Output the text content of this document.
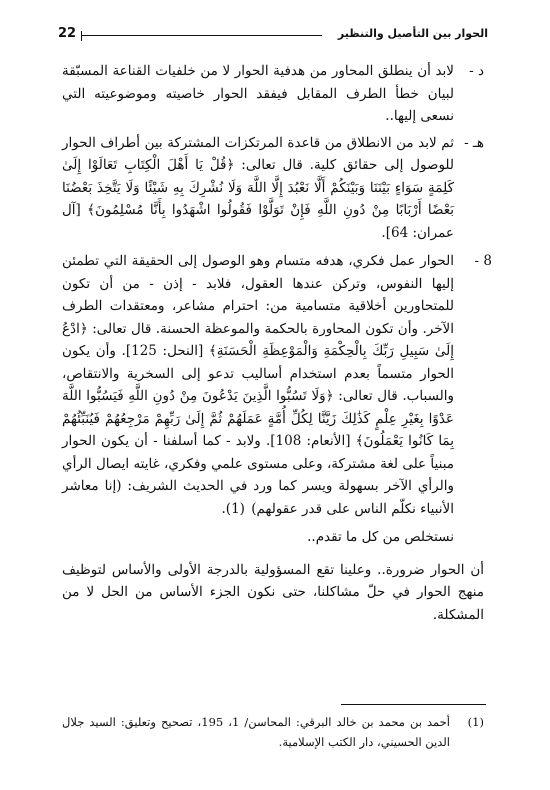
22	الحوار بين التأصيل والتنظير

د -
لابد أن ينطلق المحاور من هدفية الحوار لا من خلفيات القناعة المسبّقة لبيان خطأ الطرف المقابل فيفقد الحوار خاصيته وموضوعيته التي نسعى إليها..

هـ -
ثم لابد من الانطلاق من قاعدة المرتكزات المشتركة بين أطراف الحوار للوصول إلى حقائق كلية. قال تعالى: ﴿قُلْ يَا أَهْلَ الْكِتَابِ تَعَالَوْا إِلَىٰ كَلِمَةٍ سَوَاءٍ بَيْنَنَا وَبَيْنَكُمْ أَلَّا نَعْبُدَ إِلَّا اللَّهَ وَلَا نُشْرِكَ بِهِ شَيْئًا وَلَا يَتَّخِذَ بَعْضُنَا بَعْضًا أَرْبَابًا مِنْ دُونِ اللَّهِ فَإِنْ تَوَلَّوْا فَقُولُوا اشْهَدُوا بِأَنَّا مُسْلِمُونَ﴾ [آل عمران: 64].

8 -
الحوار عمل فكري، هدفه متسام وهو الوصول إلى الحقيقة التي تطمئن إليها النفوس، وتركن عندها العقول، فلابد - إذن - من أن تكون للمتحاورين أخلاقية متسامية من: احترام مشاعر، ومعتقدات الطرف الآخر. وأن تكون المحاورة بالحكمة والموعظة الحسنة. قال تعالى: ﴿ادْعُ إِلَىٰ سَبِيلِ رَبِّكَ بِالْحِكْمَةِ وَالْمَوْعِظَةِ الْحَسَنَةِ﴾ [النحل: 125]. وأن يكون الحوار متسماً بعدم استخدام أساليب تدعو إلى السخرية والانتقاص، والسباب. قال تعالى: ﴿وَلَا تَسُبُّوا الَّذِينَ يَدْعُونَ مِنْ دُونِ اللَّهِ فَيَسُبُّوا اللَّهَ عَدْوًا بِغَيْرِ عِلْمٍ كَذَٰلِكَ زَيَّنَّا لِكُلِّ أُمَّةٍ عَمَلَهُمْ ثُمَّ إِلَىٰ رَبِّهِمْ مَرْجِعُهُمْ فَيُنَبِّئُهُمْ بِمَا كَانُوا يَعْمَلُونَ﴾ [الأنعام: 108]. ولابد - كما أسلفنا - أن يكون الحوار مبنياً على لغة مشتركة، وعلى مستوى علمي وفكري، غايته ايصال الرأي والرأي الآخر بسهولة ويسر كما ورد في الحديث الشريف: (إنا معاشر الأنبياء نكلّم الناس على قدر عقولهم) (1).

نستخلص من كل ما تقدم..

أن الحوار ضرورة.. وعلينا تقع المسؤولية بالدرجة الأولى والأساس لتوظيف منهج الحوار في حلّ مشاكلنا، حتى نكون الجزء الأساس من الحل لا من المشكلة.

(1)

أحمد بن محمد بن خالد البرقي: المحاسن/ 1، 195، تصحيح وتعليق: السيد جلال الدين الحسيني، دار الكتب الإسلامية.
